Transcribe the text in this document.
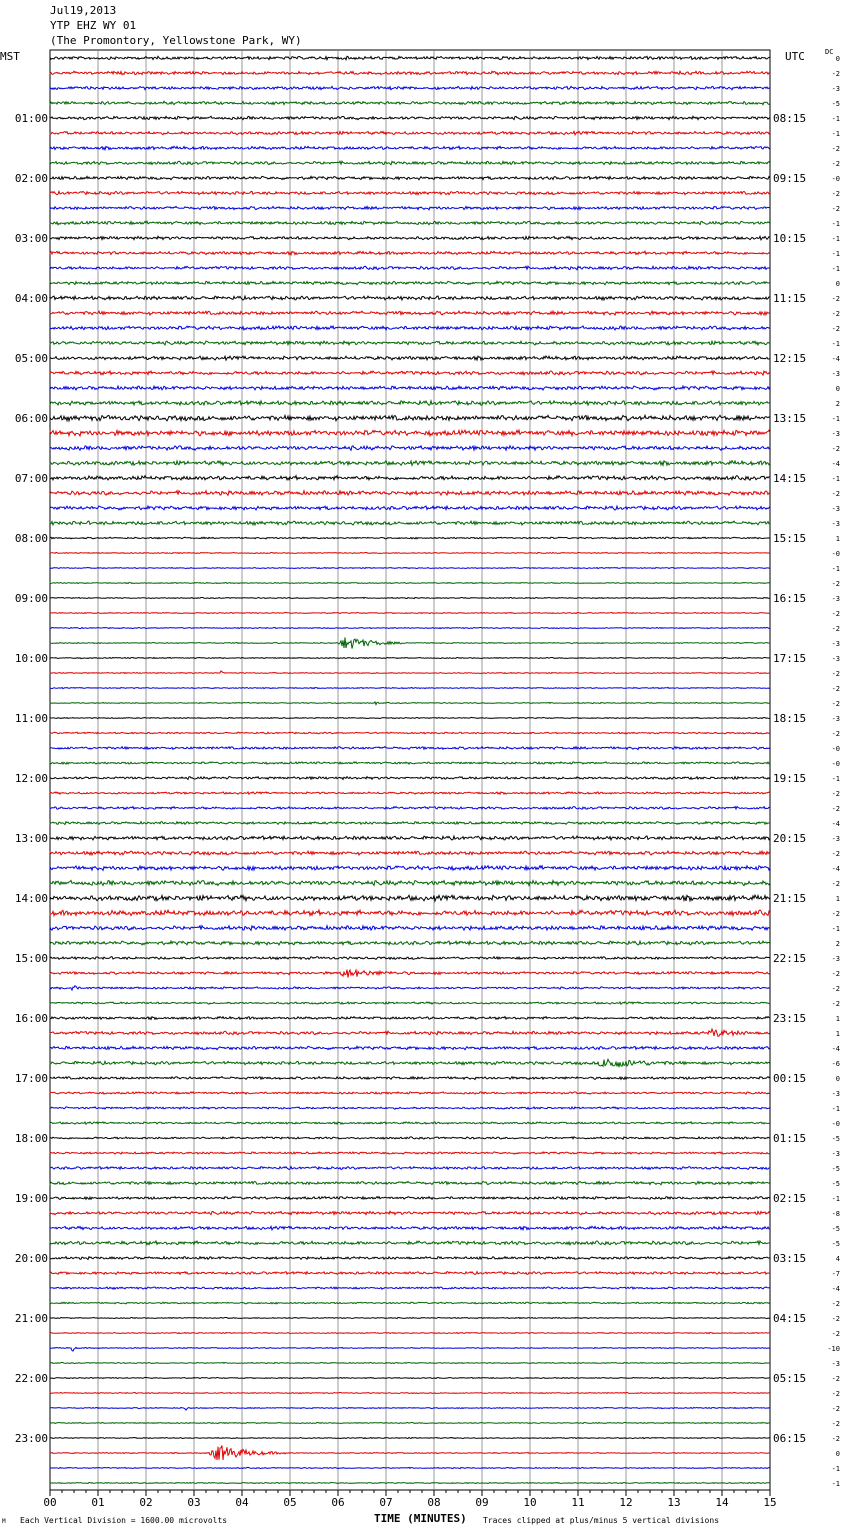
Jul19,2013
YTP EHZ WY 01
(The Promontory, Yellowstone Park, WY)
MST	UTC	DC
00	01	02	03	04	05	06	07	08	09	10	11	12	13	14	15
0
-2
-3
-5
-1
-1
-2
-2
-0
-2
-2
-1
-1
-1
-1
0
-2
-2
-2
-1
-4
-3
0
2
-1
-3
-2
-4
-1
-2
-3
-3
1
-0
-1
-2
-3
-2
-2
-3
-3
-2
-2
-2
-3
-2
-0
-0
-1
-2
-2
-4
-3
-2
-4
-2
1
-2
-1
2
-3
-2
-2
-2
1
1
-4
-6
0
-3
-1
-0
-5
-3
-5
-5
-1
-8
-5
-5
4
-7
-4
-2
-2
-2
-10
-3
-2
-2
-2
-2
-2
0
-1
-1
01:00
02:00
03:00
04:00
05:00
06:00
07:00
08:00
09:00
10:00
11:00
12:00
13:00
14:00
15:00
16:00
17:00
18:00
19:00
20:00
21:00
22:00
23:00
08:15
09:15
10:15
11:15
12:15
13:15
14:15
15:15
16:15
17:15
18:15
19:15
20:15
21:15
22:15
23:15
00:15
01:15
02:15
03:15
04:15
05:15
06:15
TIME (MINUTES)
M Each Vertical Division = 1600.00 microvolts	Traces clipped at plus/minus 5 vertical divisions
